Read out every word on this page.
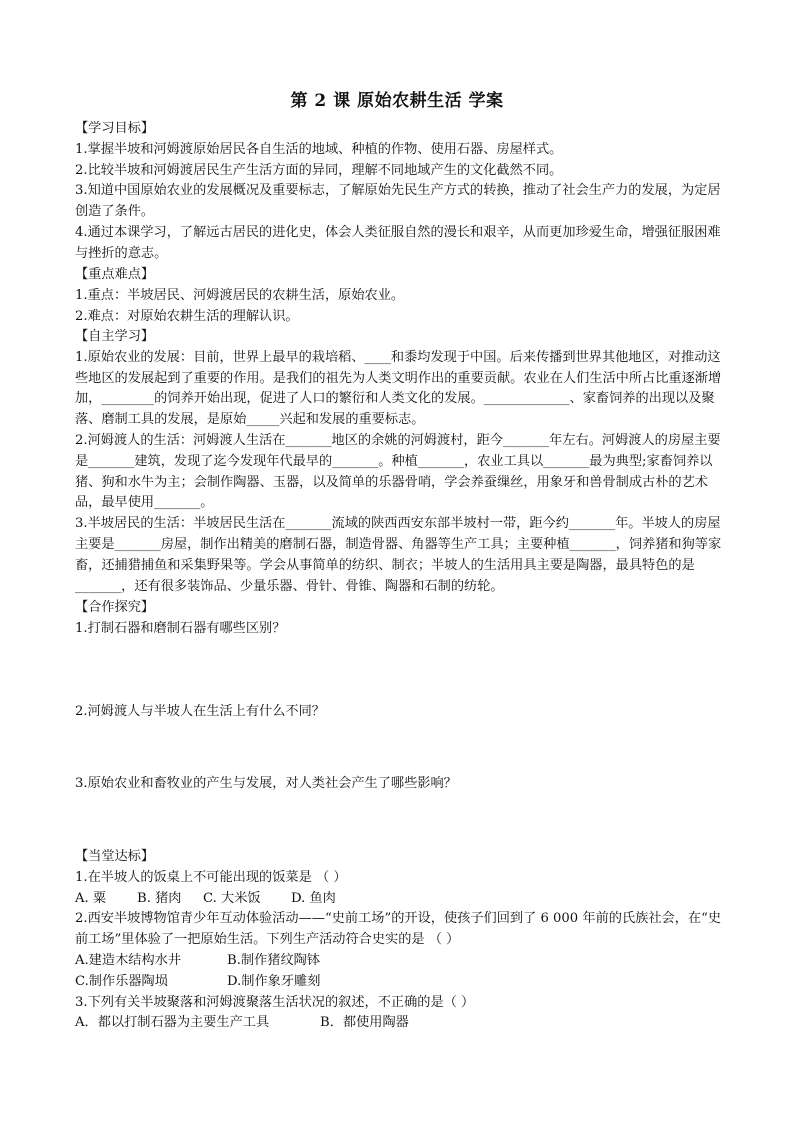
第 2 课 原始农耕生活 学案

【学习目标】

1.掌握半坡和河姆渡原始居民各自生活的地域、种植的作物、使用石器、房屋样式。

2.比较半坡和河姆渡居民生产生活方面的异同，理解不同地域产生的文化截然不同。

3.知道中国原始农业的发展概况及重要标志，了解原始先民生产方式的转换，推动了社会生产力的发展，为定居创造了条件。

4.通过本课学习，了解远古居民的进化史，体会人类征服自然的漫长和艰辛，从而更加珍爱生命，增强征服困难与挫折的意志。

【重点难点】

1.重点：半坡居民、河姆渡居民的农耕生活，原始农业。

2.难点：对原始农耕生活的理解认识。

【自主学习】

1.原始农业的发展：目前，世界上最早的栽培稻、____和黍均发现于中国。后来传播到世界其他地区，对推动这些地区的发展起到了重要的作用。是我们的祖先为人类文明作出的重要贡献。农业在人们生活中所占比重逐渐增加，________的饲养开始出现，促进了人口的繁衍和人类文化的发展。_____________、家畜饲养的出现以及聚落、磨制工具的发展，是原始_____兴起和发展的重要标志。

2.河姆渡人的生活：河姆渡人生活在_______地区的余姚的河姆渡村，距今_______年左右。河姆渡人的房屋主要是_______建筑，发现了迄今发现年代最早的_______。种植_______，农业工具以_______最为典型;家畜饲养以猪、狗和水牛为主；会制作陶器、玉器，以及简单的乐器骨哨，学会养蚕缫丝，用象牙和兽骨制成古朴的艺术品，最早使用_______。

3.半坡居民的生活：半坡居民生活在_______流域的陕西西安东部半坡村一带，距今约_______年。半坡人的房屋主要是_______房屋，制作出精美的磨制石器，制造骨器、角器等生产工具；主要种植_______，饲养猪和狗等家畜，还捕猎捕鱼和采集野果等。学会从事简单的纺织、制衣；半坡人的生活用具主要是陶器，最具特色的是_______，还有很多装饰品、少量乐器、骨针、骨锥、陶器和石制的纺轮。

【合作探究】

1.打制石器和磨制石器有哪些区别？

2.河姆渡人与半坡人在生活上有什么不同？

3.原始农业和畜牧业的产生与发展，对人类社会产生了哪些影响？

【当堂达标】

1.在半坡人的饭桌上不可能出现的饭菜是 （ ）

A. 粟	B. 猪肉	C. 大米饭	D. 鱼肉

2.西安半坡博物馆青少年互动体验活动——“史前工场”的开设，使孩子们回到了 6 000 年前的氏族社会，在“史前工场”里体验了一把原始生活。下列生产活动符合史实的是 （ ）

A.建造木结构水井	B.制作猪纹陶钵
C.制作乐器陶埙	D.制作象牙雕刻

3.下列有关半坡聚落和河姆渡聚落生活状况的叙述，不正确的是（ ）

A．都以打制石器为主要生产工具	B．都使用陶器
